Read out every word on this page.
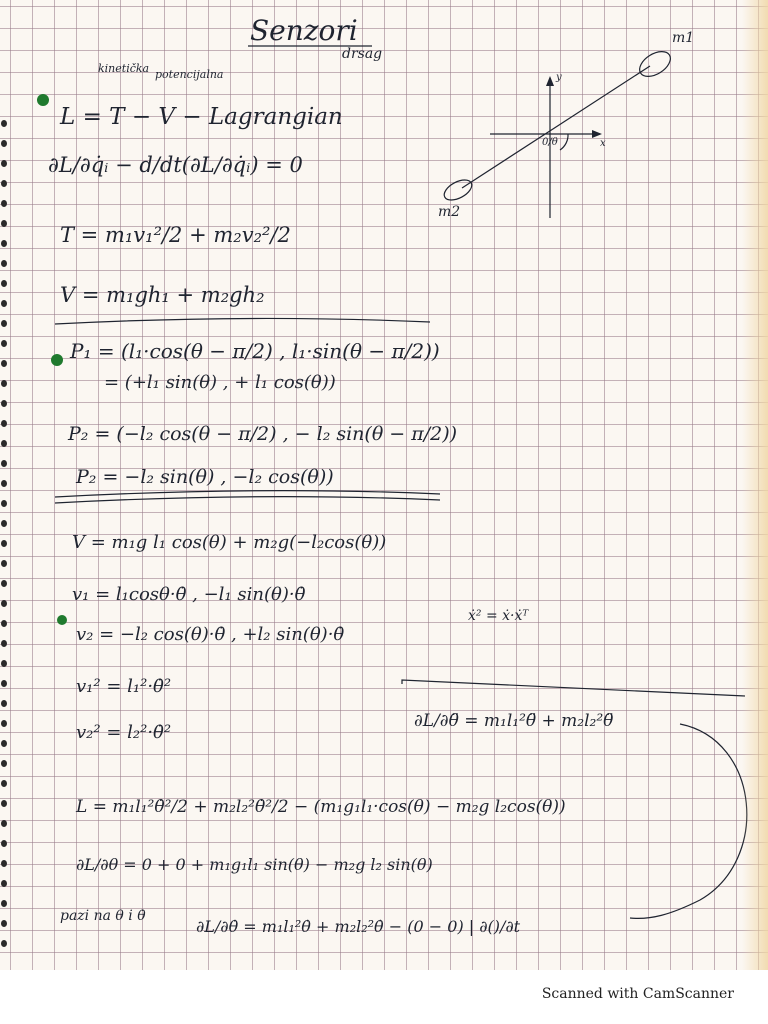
Senzori
drsag
kinetička potencijalna	y
x
0/θ
m1
m2
L = T − V − Lagrangian
∂L/∂q̇ᵢ − d/dt(∂L/∂q̇ᵢ) = 0
T = m₁v₁²/2 + m₂v₂²/2
V = m₁gh₁ + m₂gh₂
P₁ = (l₁·cos(θ − π/2) , l₁·sin(θ − π/2))
= (+l₁ sin(θ) , + l₁ cos(θ))
P₂ = (−l₂ cos(θ − π/2) , − l₂ sin(θ − π/2))
P₂ = −l₂ sin(θ) , −l₂ cos(θ))
V = m₁g l₁ cos(θ) + m₂g(−l₂cos(θ))
v₁ = l₁cosθ·θ̇ , −l₁ sin(θ)·θ̇
v₂ = −l₂ cos(θ)·θ̇ , +l₂ sin(θ)·θ̇
v₁² = l₁²·θ̇²
v₂² = l₂²·θ̇²
L = m₁l₁²θ̇²/2 + m₂l₂²θ̇²/2 − (m₁g₁l₁·cos(θ) − m₂g l₂cos(θ))
∂L/∂θ = 0 + 0 + m₁g₁l₁ sin(θ) − m₂g l₂ sin(θ)
∂L/∂θ̇ = m₁l₁²θ̇ + m₂l₂²θ̇ − (0 − 0) | ∂()/∂t
ẋ² = ẋ·ẋᵀ
∂L/∂θ̈ = m₁l₁²θ̈ + m₂l₂²θ̈
pazi na θ i θ̇
Scanned with CamScanner
